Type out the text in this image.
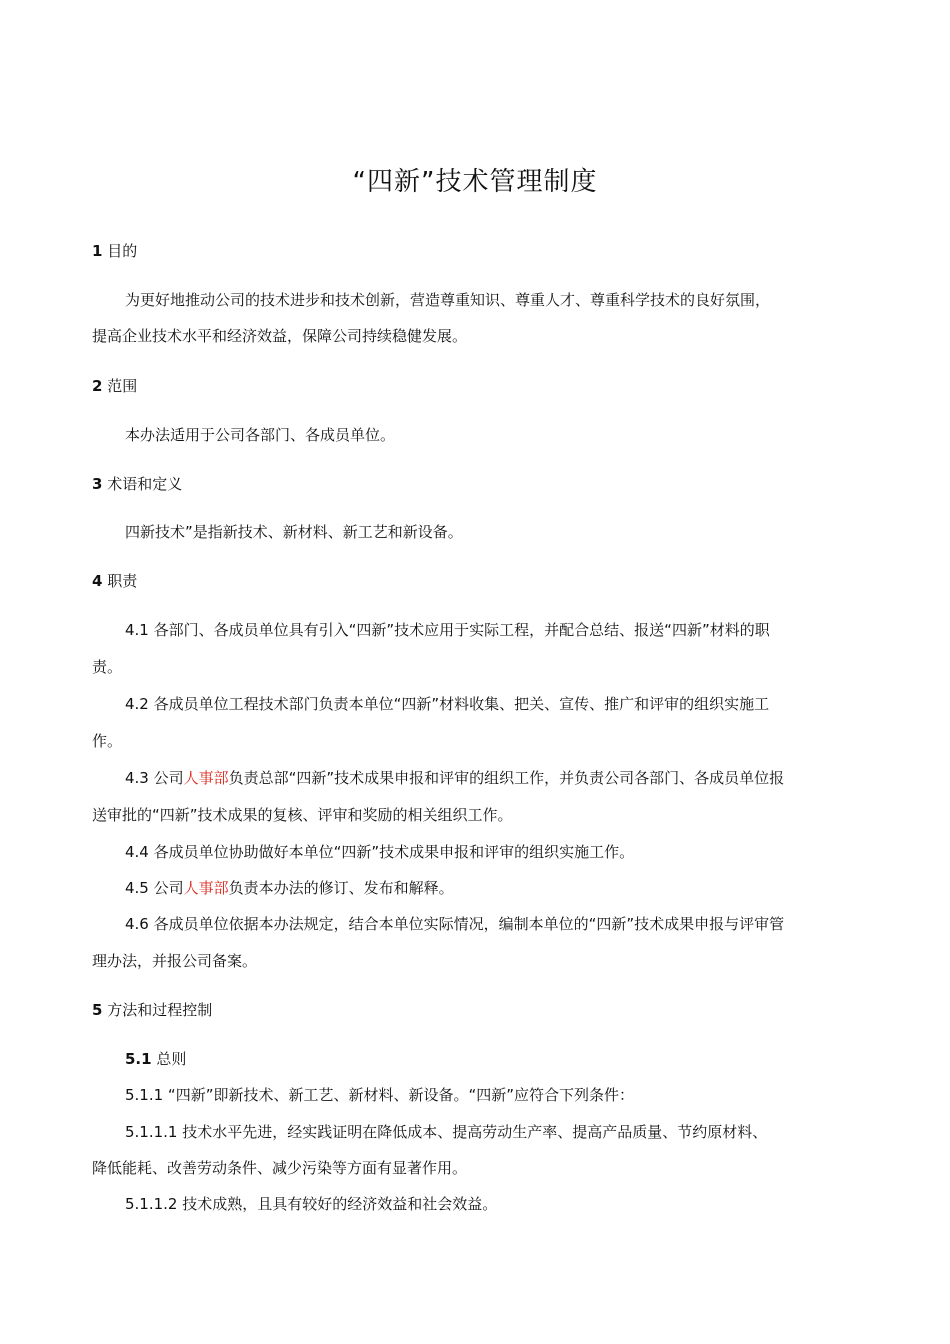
“四新”技术管理制度
1 目的
为更好地推动公司的技术进步和技术创新，营造尊重知识、尊重人才、尊重科学技术的良好氛围，
提高企业技术水平和经济效益，保障公司持续稳健发展。
2 范围
本办法适用于公司各部门、各成员单位。
3 术语和定义
四新技术”是指新技术、新材料、新工艺和新设备。
4 职责
4.1 各部门、各成员单位具有引入“四新”技术应用于实际工程，并配合总结、报送“四新”材料的职
责。
4.2 各成员单位工程技术部门负责本单位“四新”材料收集、把关、宣传、推广和评审的组织实施工
作。
4.3 公司人事部负责总部“四新”技术成果申报和评审的组织工作，并负责公司各部门、各成员单位报
送审批的“四新”技术成果的复核、评审和奖励的相关组织工作。
4.4 各成员单位协助做好本单位“四新”技术成果申报和评审的组织实施工作。
4.5 公司人事部负责本办法的修订、发布和解释。
4.6 各成员单位依据本办法规定，结合本单位实际情况，编制本单位的“四新”技术成果申报与评审管
理办法，并报公司备案。
5 方法和过程控制
5.1 总则
5.1.1 “四新”即新技术、新工艺、新材料、新设备。“四新”应符合下列条件：
5.1.1.1 技术水平先进，经实践证明在降低成本、提高劳动生产率、提高产品质量、节约原材料、
降低能耗、改善劳动条件、减少污染等方面有显著作用。
5.1.1.2 技术成熟，且具有较好的经济效益和社会效益。
